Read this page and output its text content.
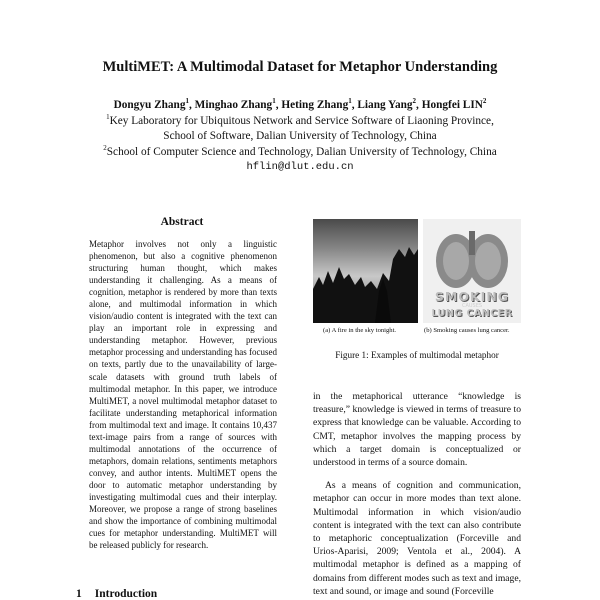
MultiMET: A Multimodal Dataset for Metaphor Understanding
Dongyu Zhang$^1$, Minghao Zhang$^1$, Heting Zhang$^1$, Liang Yang$^2$, Hongfei LIN$^2$
$^1$Key Laboratory for Ubiquitous Network and Service Software of Liaoning Province,
School of Software, Dalian University of Technology, China
$^2$School of Computer Science and Technology, Dalian University of Technology, China
hflin@dlut.edu.cn
Abstract

Metaphor involves not only a linguistic phenomenon, but also a cognitive phenomenon structuring human thought, which makes understanding it challenging. As a means of cognition, metaphor is rendered by more than texts alone, and multimodal information in which vision/audio content is integrated with the text can play an important role in expressing and understanding metaphor. However, previous metaphor processing and understanding has focused on texts, partly due to the unavailability of large-scale datasets with ground truth labels of multimodal metaphor. In this paper, we introduce MultiMET, a novel multimodal metaphor dataset to facilitate understanding metaphorical information from multimodal text and image. It contains 10,437 text-image pairs from a range of sources with multimodal annotations of the occurrence of metaphors, domain relations, sentiments metaphors convey, and author intents. MultiMET opens the door to automatic metaphor understanding by investigating multimodal cues and their interplay. Moreover, we propose a range of strong baselines and show the importance of combining multimodal cues for metaphor understanding. MultiMET will be released publicly for research.

1 Introduction
SMOKING
CAUSES
LUNG CANCER
(a) A fire in the sky tonight.	(b) Smoking causes lung cancer.

Figure 1: Examples of multimodal metaphor

in the metaphorical utterance “knowledge is treasure,” knowledge is viewed in terms of treasure to express that knowledge can be valuable. According to CMT, metaphor involves the mapping process by which a target domain is conceptualized or understood in terms of a source domain.

As a means of cognition and communication, metaphor can occur in more modes than text alone. Multimodal information in which vision/audio content is integrated with the text can also contribute to metaphoric conceptualization (Forceville and Urios-Aparisi, 2009; Ventola et al., 2004). A multimodal metaphor is defined as a mapping of domains from different modes such as text and image, text and sound, or image and sound (Forceville
